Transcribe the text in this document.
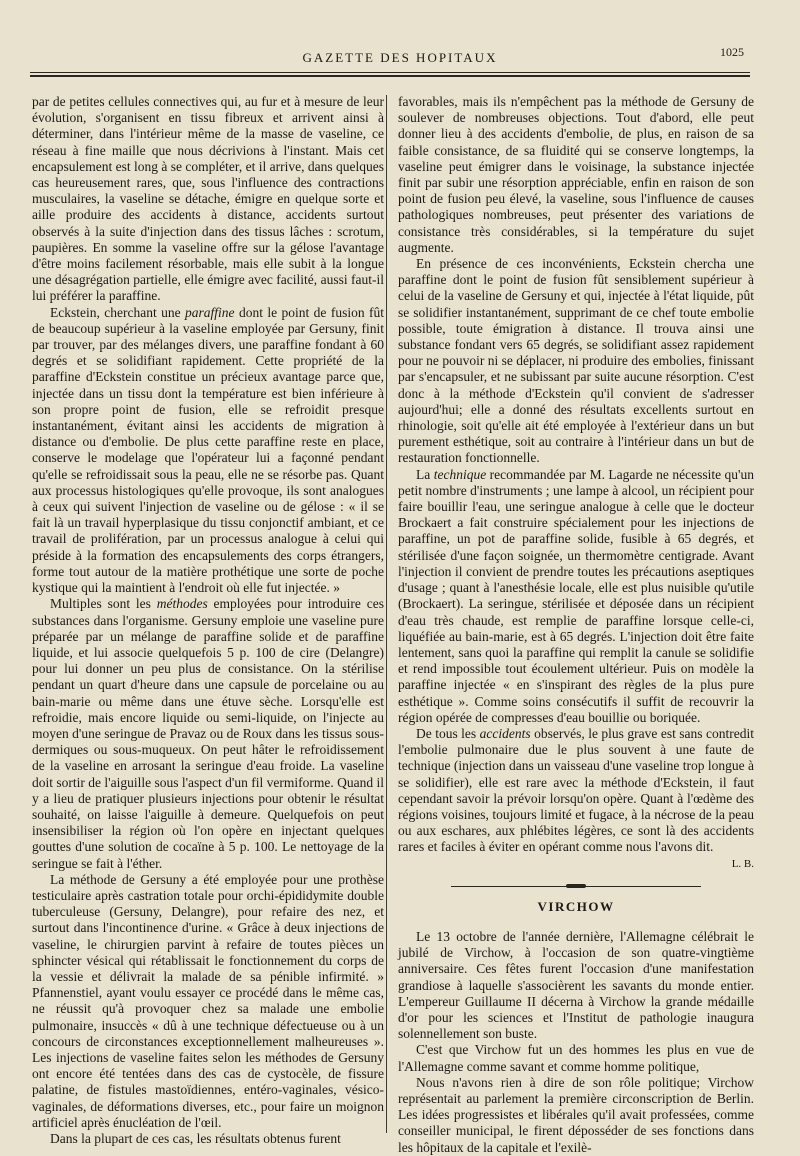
GAZETTE DES HOPITAUX	1025

par de petites cellules connectives qui, au fur et à mesure de leur évolution, s'organisent en tissu fibreux et arrivent ainsi à déterminer, dans l'intérieur même de la masse de vaseline, ce réseau à fine maille que nous décrivions à l'instant. Mais cet encapsulement est long à se compléter, et il arrive, dans quelques cas heureusement rares, que, sous l'influence des contractions musculaires, la vaseline se détache, émigre en quelque sorte et aille produire des accidents à distance, accidents surtout observés à la suite d'injection dans des tissus lâches : scrotum, paupières. En somme la vaseline offre sur la gélose l'avantage d'être moins facilement résorbable, mais elle subit à la longue une désagrégation partielle, elle émigre avec facilité, aussi faut-il lui préférer la paraffine.

Eckstein, cherchant une paraffine dont le point de fusion fût de beaucoup supérieur à la vaseline employée par Gersuny, finit par trouver, par des mélanges divers, une paraffine fondant à 60 degrés et se solidifiant rapidement. Cette propriété de la paraffine d'Eckstein constitue un précieux avantage parce que, injectée dans un tissu dont la température est bien inférieure à son propre point de fusion, elle se refroidit presque instantanément, évitant ainsi les accidents de migration à distance ou d'embolie. De plus cette paraffine reste en place, conserve le modelage que l'opérateur lui a façonné pendant qu'elle se refroidissait sous la peau, elle ne se résorbe pas. Quant aux processus histologiques qu'elle provoque, ils sont analogues à ceux qui suivent l'injection de vaseline ou de gélose : « il se fait là un travail hyperplasique du tissu conjonctif ambiant, et ce travail de prolifération, par un processus analogue à celui qui préside à la formation des encapsulements des corps étrangers, forme tout autour de la matière prothétique une sorte de poche kystique qui la maintient à l'endroit où elle fut injectée. »

Multiples sont les méthodes employées pour introduire ces substances dans l'organisme. Gersuny emploie une vaseline pure préparée par un mélange de paraffine solide et de paraffine liquide, et lui associe quelquefois 5 p. 100 de cire (Delangre) pour lui donner un peu plus de consistance. On la stérilise pendant un quart d'heure dans une capsule de porcelaine ou au bain-marie ou même dans une étuve sèche. Lorsqu'elle est refroidie, mais encore liquide ou semi-liquide, on l'injecte au moyen d'une seringue de Pravaz ou de Roux dans les tissus sous-dermiques ou sous-muqueux. On peut hâter le refroidissement de la vaseline en arrosant la seringue d'eau froide. La vaseline doit sortir de l'aiguille sous l'aspect d'un fil vermiforme. Quand il y a lieu de pratiquer plusieurs injections pour obtenir le résultat souhaité, on laisse l'aiguille à demeure. Quelquefois on peut insensibiliser la région où l'on opère en injectant quelques gouttes d'une solution de cocaïne à 5 p. 100. Le nettoyage de la seringue se fait à l'éther.

La méthode de Gersuny a été employée pour une prothèse testiculaire après castration totale pour orchi-épididymite double tuberculeuse (Gersuny, Delangre), pour refaire des nez, et surtout dans l'incontinence d'urine. « Grâce à deux injections de vaseline, le chirurgien parvint à refaire de toutes pièces un sphincter vésical qui rétablissait le fonctionnement du corps de la vessie et délivrait la malade de sa pénible infirmité. » Pfannenstiel, ayant voulu essayer ce procédé dans le même cas, ne réussit qu'à provoquer chez sa malade une embolie pulmonaire, insuccès « dû à une technique défectueuse ou à un concours de circonstances exceptionnellement malheureuses ». Les injections de vaseline faites selon les méthodes de Gersuny ont encore été tentées dans des cas de cystocèle, de fissure palatine, de fistules mastoïdiennes, entéro-vaginales, vésico-vaginales, de déformations diverses, etc., pour faire un moignon artificiel après énucléation de l'œil.

Dans la plupart de ces cas, les résultats obtenus furent

favorables, mais ils n'empêchent pas la méthode de Gersuny de soulever de nombreuses objections. Tout d'abord, elle peut donner lieu à des accidents d'embolie, de plus, en raison de sa faible consistance, de sa fluidité qui se conserve longtemps, la vaseline peut émigrer dans le voisinage, la substance injectée finit par subir une résorption appréciable, enfin en raison de son point de fusion peu élevé, la vaseline, sous l'influence de causes pathologiques nombreuses, peut présenter des variations de consistance très considérables, si la température du sujet augmente.

En présence de ces inconvénients, Eckstein chercha une paraffine dont le point de fusion fût sensiblement supérieur à celui de la vaseline de Gersuny et qui, injectée à l'état liquide, pût se solidifier instantanément, supprimant de ce chef toute embolie possible, toute émigration à distance. Il trouva ainsi une substance fondant vers 65 degrés, se solidifiant assez rapidement pour ne pouvoir ni se déplacer, ni produire des embolies, finissant par s'encapsuler, et ne subissant par suite aucune résorption. C'est donc à la méthode d'Eckstein qu'il convient de s'adresser aujourd'hui; elle a donné des résultats excellents surtout en rhinologie, soit qu'elle ait été employée à l'extérieur dans un but purement esthétique, soit au contraire à l'intérieur dans un but de restauration fonctionnelle.

La technique recommandée par M. Lagarde ne nécessite qu'un petit nombre d'instruments ; une lampe à alcool, un récipient pour faire bouillir l'eau, une seringue analogue à celle que le docteur Brockaert a fait construire spécialement pour les injections de paraffine, un pot de paraffine solide, fusible à 65 degrés, et stérilisée d'une façon soignée, un thermomètre centigrade. Avant l'injection il convient de prendre toutes les précautions aseptiques d'usage ; quant à l'anesthésie locale, elle est plus nuisible qu'utile (Brockaert). La seringue, stérilisée et déposée dans un récipient d'eau très chaude, est remplie de paraffine lorsque celle-ci, liquéfiée au bain-marie, est à 65 degrés. L'injection doit être faite lentement, sans quoi la paraffine qui remplit la canule se solidifie et rend impossible tout écoulement ultérieur. Puis on modèle la paraffine injectée « en s'inspirant des règles de la plus pure esthétique ». Comme soins consécutifs il suffit de recouvrir la région opérée de compresses d'eau bouillie ou boriquée.

De tous les accidents observés, le plus grave est sans contredit l'embolie pulmonaire due le plus souvent à une faute de technique (injection dans un vaisseau d'une vaseline trop longue à se solidifier), elle est rare avec la méthode d'Eckstein, il faut cependant savoir la prévoir lorsqu'on opère. Quant à l'œdème des régions voisines, toujours limité et fugace, à la nécrose de la peau ou aux eschares, aux phlébites légères, ce sont là des accidents rares et faciles à éviter en opérant comme nous l'avons dit.

L. B.

VIRCHOW

Le 13 octobre de l'année dernière, l'Allemagne célébrait le jubilé de Virchow, à l'occasion de son quatre-vingtième anniversaire. Ces fêtes furent l'occasion d'une manifestation grandiose à laquelle s'associèrent les savants du monde entier. L'empereur Guillaume II décerna à Virchow la grande médaille d'or pour les sciences et l'Institut de pathologie inaugura solennellement son buste.

C'est que Virchow fut un des hommes les plus en vue de l'Allemagne comme savant et comme homme politique,

Nous n'avons rien à dire de son rôle politique; Virchow représentait au parlement la première circonscription de Berlin. Les idées progressistes et libérales qu'il avait professées, comme conseiller municipal, le firent déposséder de ses fonctions dans les hôpitaux de la capitale et l'exilè-
